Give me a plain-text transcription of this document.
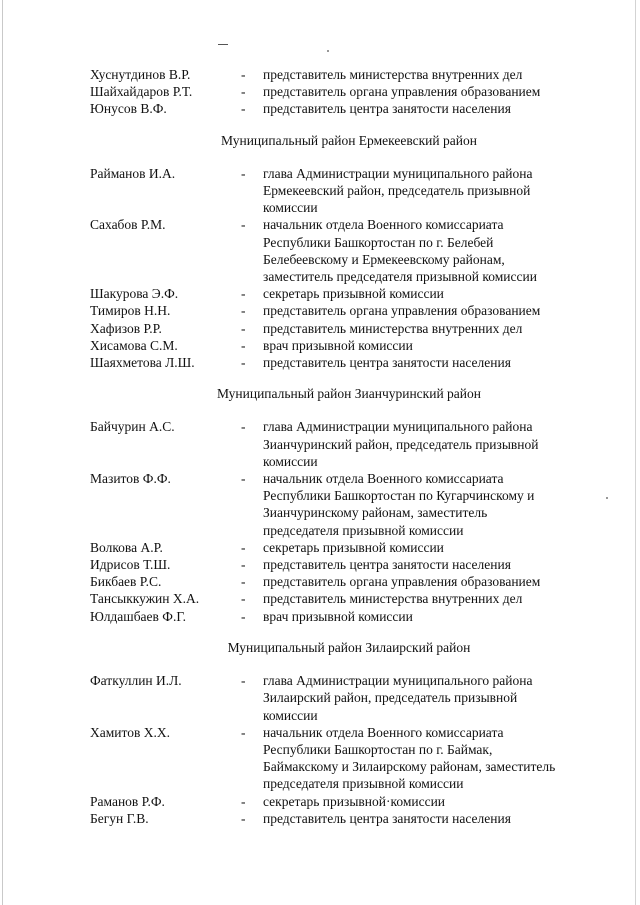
Хуснутдинов В.Р.	-	представитель министерства внутренних дел
Шайхайдаров Р.Т.	-	представитель органа управления образованием
Юнусов В.Ф.	-	представитель центра занятости населения
Муниципальный район Ермекеевский район
Райманов И.А.	-	глава Администрации муниципального района
Ермекеевский район, председатель призывной
комиссии
Сахабов Р.М.	-	начальник отдела Военного комиссариата
Республики Башкортостан по г. Белебей
Белебеевскому и Ермекеевскому районам,
заместитель председателя призывной комиссии
Шакурова Э.Ф.	-	секретарь призывной комиссии
Тимиров Н.Н.	-	представитель органа управления образованием
Хафизов Р.Р.	-	представитель министерства внутренних дел
Хисамова С.М.	-	врач призывной комиссии
Шаяхметова Л.Ш.	-	представитель центра занятости населения
Муниципальный район Зианчуринский район
Байчурин А.С.	-	глава Администрации муниципального района
Зианчуринский район, председатель призывной
комиссии
Мазитов Ф.Ф.	-	начальник отдела Военного комиссариата
Республики Башкортостан по Кугарчинскому и
Зианчуринскому районам, заместитель
председателя призывной комиссии
Волкова А.Р.	-	секретарь призывной комиссии
Идрисов Т.Ш.	-	представитель центра занятости населения
Бикбаев Р.С.	-	представитель органа управления образованием
Тансыккужин Х.А.	-	представитель министерства внутренних дел
Юлдашбаев Ф.Г.	-	врач призывной комиссии
Муниципальный район Зилаирский район
Фаткуллин И.Л.	-	глава Администрации муниципального района
Зилаирский район, председатель призывной
комиссии
Хамитов Х.Х.	-	начальник отдела Военного комиссариата
Республики Башкортостан по г. Баймак,
Баймакскому и Зилаирскому районам, заместитель
председателя призывной комиссии
Раманов Р.Ф.	-	секретарь призывной·комиссии
Бегун Г.В.	-	представитель центра занятости населения
